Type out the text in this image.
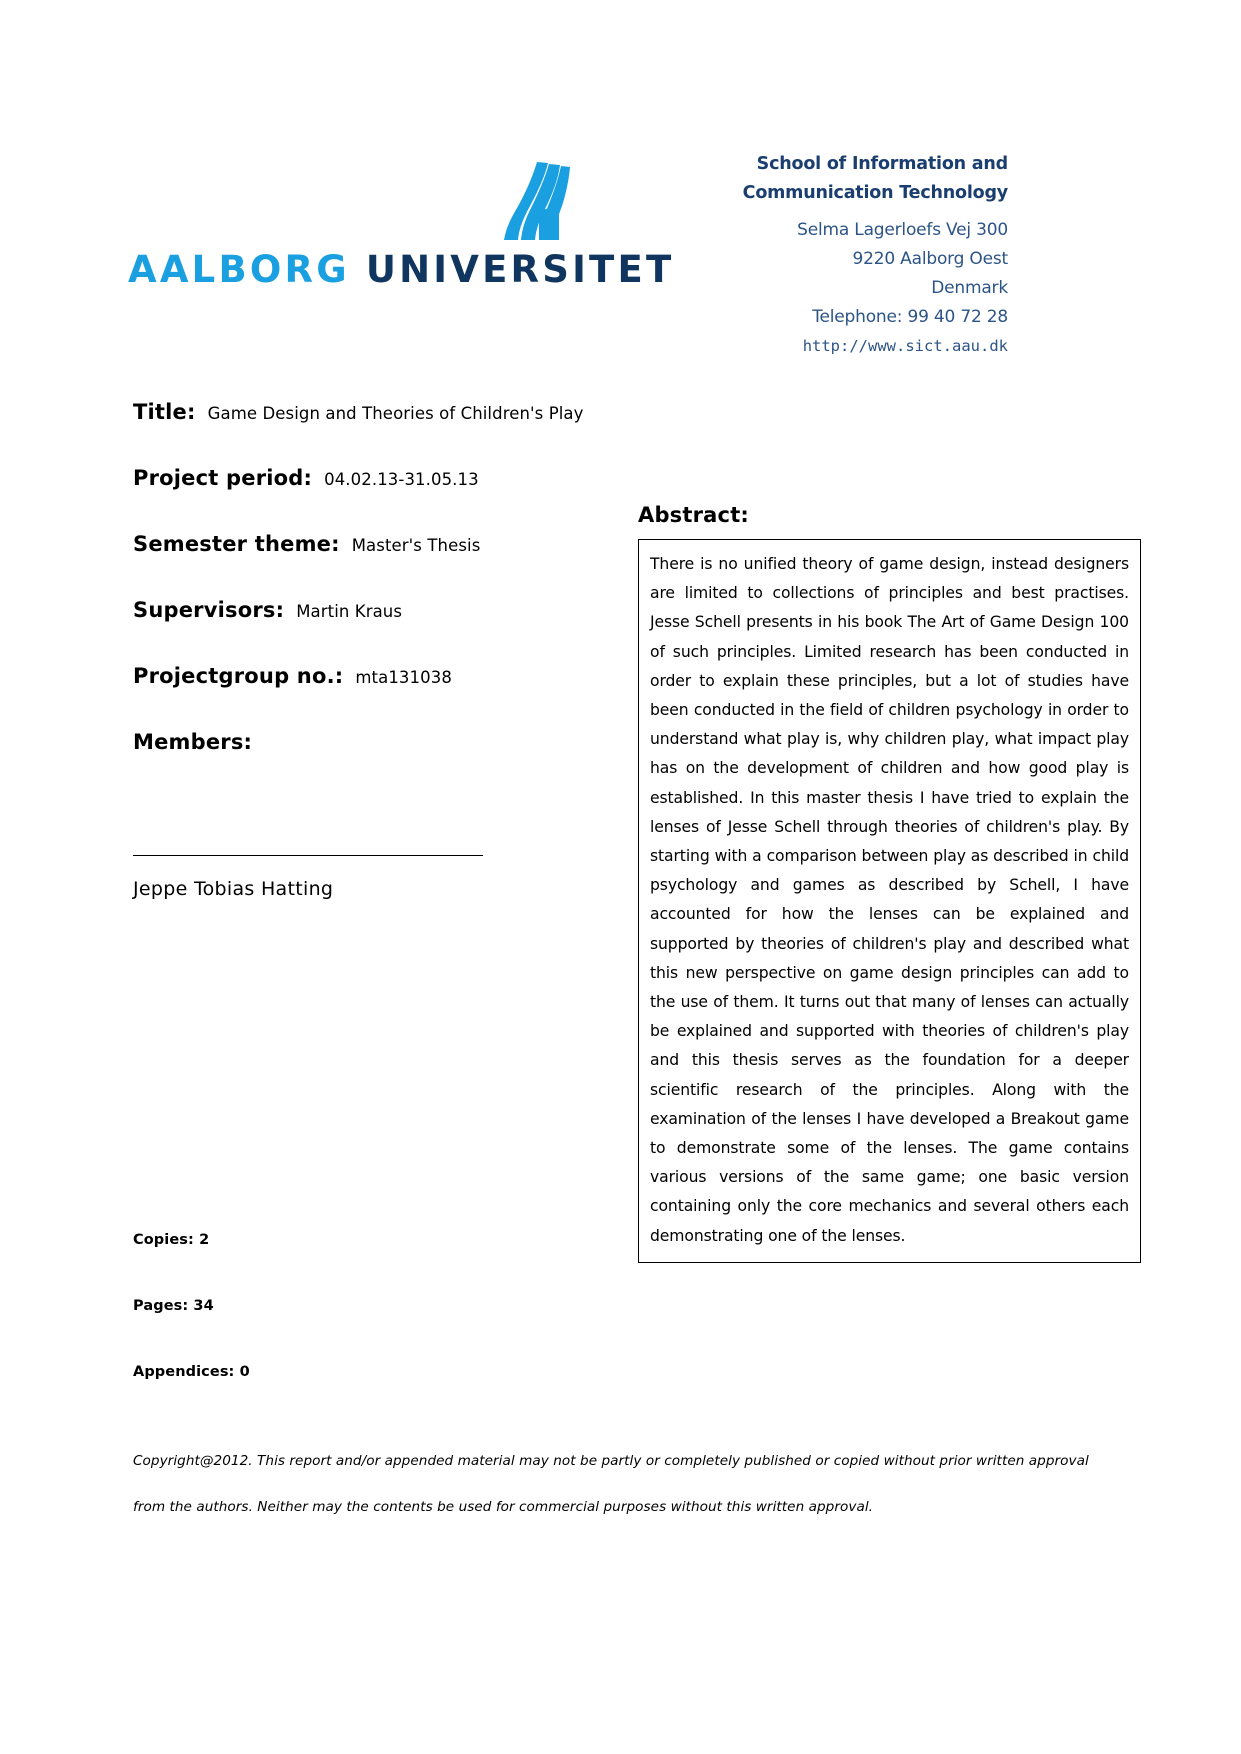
AALBORG UNIVERSITET
School of Information and
Communication Technology
Selma Lagerloefs Vej 300
9220 Aalborg Oest
Denmark
Telephone: 99 40 72 28
http://www.sict.aau.dk
Title: Game Design and Theories of Children's Play
Project period: 04.02.13-31.05.13
Semester theme: Master's Thesis
Supervisors: Martin Kraus
Projectgroup no.: mta131038
Members:
Jeppe Tobias Hatting
Abstract:
There is no unified theory of game design, instead designers are limited to collections of principles and best practises. Jesse Schell presents in his book The Art of Game Design 100 of such principles. Limited research has been conducted in order to explain these principles, but a lot of studies have been conducted in the field of children psychology in order to understand what play is, why children play, what impact play has on the development of children and how good play is established. In this master thesis I have tried to explain the lenses of Jesse Schell through theories of children's play. By starting with a comparison between play as described in child psychology and games as described by Schell, I have accounted for how the lenses can be explained and supported by theories of children's play and described what this new perspective on game design principles can add to the use of them. It turns out that many of lenses can actually be explained and supported with theories of children's play and this thesis serves as the foundation for a deeper scientific research of the principles. Along with the examination of the lenses I have developed a Breakout game to demonstrate some of the lenses. The game contains various versions of the same game; one basic version containing only the core mechanics and several others each demonstrating one of the lenses.
Copies: 2
Pages: 34
Appendices: 0
Copyright@2012. This report and/or appended material may not be partly or completely published or copied without prior written approval
from the authors. Neither may the contents be used for commercial purposes without this written approval.
